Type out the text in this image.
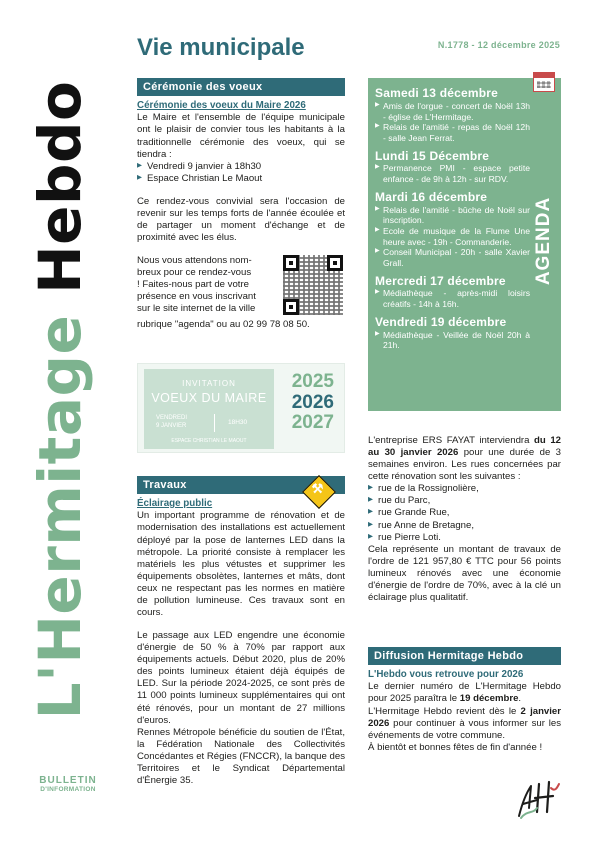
L'Hermitage Hebdo
BULLETIN
D'INFORMATION
Vie municipale	N.1778 - 12 décembre 2025
Cérémonie des voeux
Cérémonie des voeux du Maire 2026

Le Maire et l'ensemble de l'équipe municipale ont le plaisir de convier tous les habitants à la traditionnelle cérémonie des voeux, qui se tiendra :

▶ Vendredi 9 janvier à 18h30
▶ Espace Christian Le Maout

Ce rendez-vous convivial sera l'occasion de revenir sur les temps forts de l'année écoulée et de partager un moment d'échange et de proximité avec les élus.

Nous vous attendons nom-
breux pour ce rendez-vous
! Faites-nous part de votre
présence en vous inscrivant
sur le site internet de la ville
rubrique "agenda" ou au 02 99 78 08 50.
INVITATION
VOEUX DU MAIRE
VENDREDI
9 JANVIER	18H30
ESPACE CHRISTIAN LE MAOUT
2025
2026
2027
Travaux	⚒
Éclairage public

Un important programme de rénovation et de modernisation des installations est actuellement déployé par la pose de lanternes LED dans la métropole. La priorité consiste à remplacer les matériels les plus vétustes et supprimer les équipements obsolètes, lanternes et mâts, dont ceux ne respectant pas les normes en matière de pollution lumineuse. Ces travaux sont en cours.

Le passage aux LED engendre une économie d'énergie de 50 % à 70% par rapport aux équipements actuels. Début 2020, plus de 20% des points lumineux étaient déjà équipés de LED. Sur la période 2024-2025, ce sont près de 11 000 points lumineux supplémentaires qui ont été rénovés, pour un montant de 27 millions d'euros.

Rennes Métropole bénéficie du soutien de l'État, la Fédération Nationale des Collectivités Concédantes et Régies (FNCCR), la banque des Territoires et le Syndicat Départemental d'Énergie 35.

Samedi 13 décembre
▶ Amis de l'orgue - concert de Noël 13h - église de L'Hermitage.
▶ Relais de l'amitié - repas de Noël 12h - salle Jean Ferrat.
Lundi 15 Décembre
▶ Permanence PMI - espace petite enfance - de 9h à 12h - sur RDV.
Mardi 16 décembre
▶ Relais de l'amitié - bûche de Noël sur inscription.
▶ Ecole de musique de la Flume Une heure avec - 19h - Commanderie.
▶ Conseil Municipal - 20h - salle Xavier Grall.
Mercredi 17 décembre
▶ Médiathèque - après-midi loisirs créatifs - 14h à 16h.
Vendredi 19 décembre
▶ Médiathèque - Veillée de Noël 20h à 21h.
AGENDA

L'entreprise ERS FAYAT interviendra du 12 au 30 janvier 2026 pour une durée de 3 semaines environ. Les rues concernées par cette rénovation sont les suivantes :

▶ rue de la Rossignolière,
▶ rue du Parc,
▶ rue Grande Rue,
▶ rue Anne de Bretagne,
▶ rue Pierre Loti.

Cela représente un montant de travaux de l'ordre de 121 957,80 € TTC pour 56 points lumineux rénovés avec une économie d'énergie de l'ordre de 70%, avec à la clé un éclairage plus qualitatif.

Diffusion Hermitage Hebdo
L'Hebdo vous retrouve pour 2026

Le dernier numéro de L'Hermitage Hebdo pour 2025 paraîtra le 19 décembre.

L'Hermitage Hebdo revient dès le 2 janvier 2026 pour continuer à vous informer sur les événements de votre commune.

À bientôt et bonnes fêtes de fin d'année !
